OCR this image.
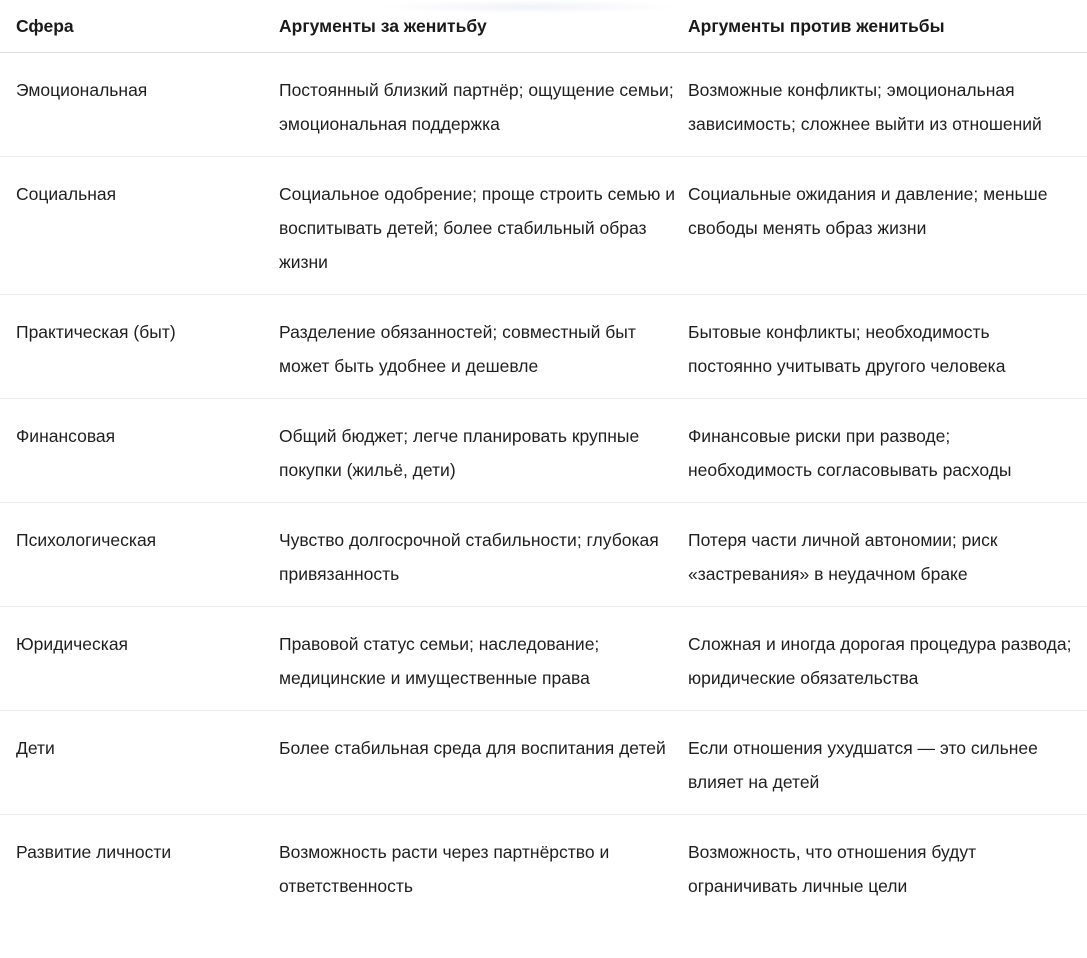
Сфера	Аргументы за женитьбу	Аргументы против женитьбы
Эмоциональная	Постоянный близкий партнёр; ощущение семьи; эмоциональная поддержка	Возможные конфликты; эмоциональная зависимость; сложнее выйти из отношений
Социальная	Социальное одобрение; проще строить семью и воспитывать детей; более стабильный образ жизни	Социальные ожидания и давление; меньше свободы менять образ жизни
Практическая (быт)	Разделение обязанностей; совместный быт может быть удобнее и дешевле	Бытовые конфликты; необходимость постоянно учитывать другого человека
Финансовая	Общий бюджет; легче планировать крупные покупки (жильё, дети)	Финансовые риски при разводе; необходимость согласовывать расходы
Психологическая	Чувство долгосрочной стабильности; глубокая привязанность	Потеря части личной автономии; риск «застревания» в неудачном браке
Юридическая	Правовой статус семьи; наследование; медицинские и имущественные права	Сложная и иногда дорогая процедура развода; юридические обязательства
Дети	Более стабильная среда для воспитания детей	Если отношения ухудшатся — это сильнее влияет на детей
Развитие личности	Возможность расти через партнёрство и ответственность	Возможность, что отношения будут ограничивать личные цели
